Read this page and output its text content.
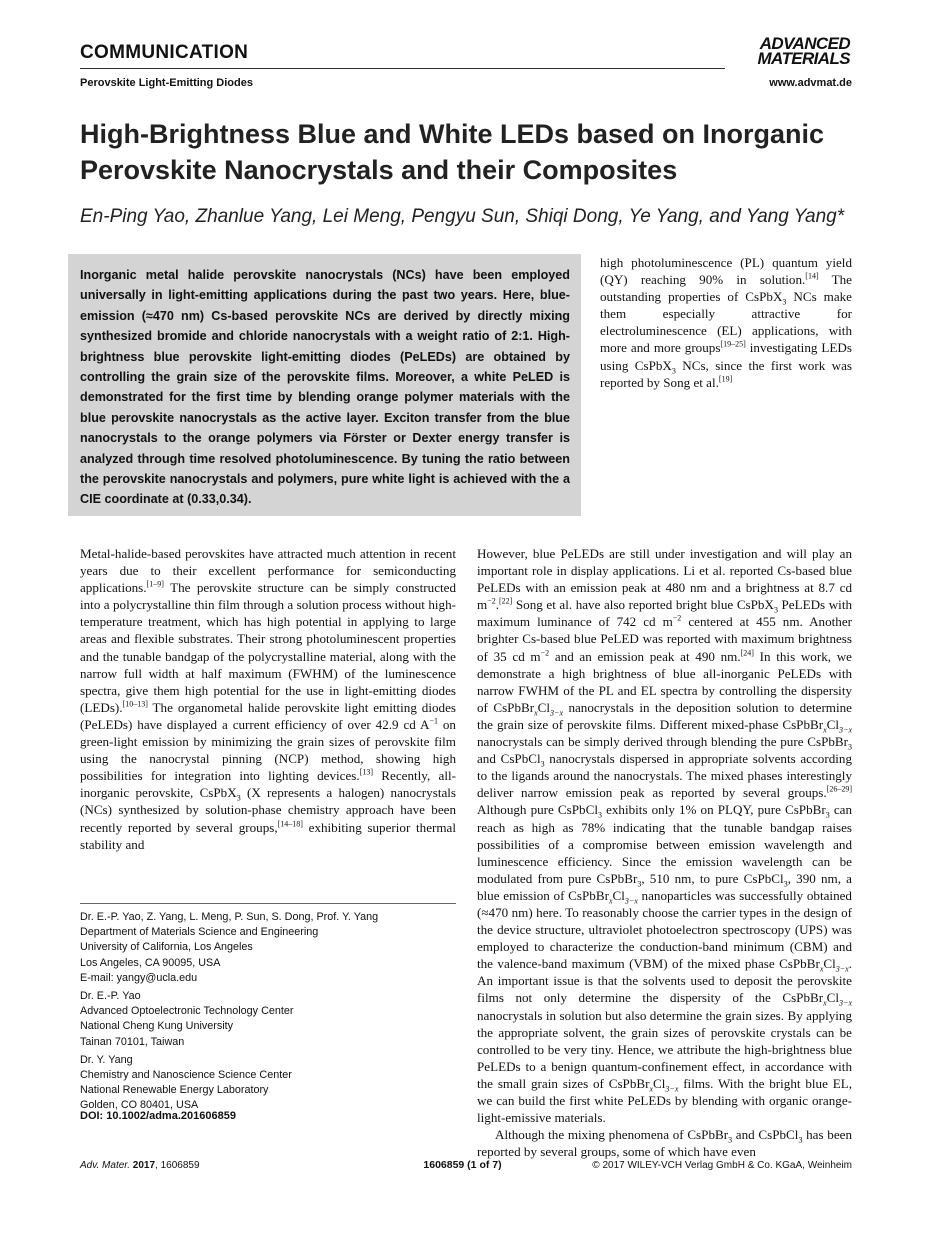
COMMUNICATION
Perovskite Light-Emitting Diodes
ADVANCED
MATERIALS
www.advmat.de
High-Brightness Blue and White LEDs based on Inorganic Perovskite Nanocrystals and their Composites
En-Ping Yao, Zhanlue Yang, Lei Meng, Pengyu Sun, Shiqi Dong, Ye Yang, and Yang Yang*
Inorganic metal halide perovskite nanocrystals (NCs) have been employed universally in light-emitting applications during the past two years. Here, blue-emission (≈470 nm) Cs-based perovskite NCs are derived by directly mixing synthesized bromide and chloride nanocrystals with a weight ratio of 2:1. High-brightness blue perovskite light-emitting diodes (PeLEDs) are obtained by controlling the grain size of the perovskite films. Moreover, a white PeLED is demonstrated for the first time by blending orange polymer materials with the blue perovskite nanocrystals as the active layer. Exciton transfer from the blue nanocrystals to the orange polymers via Förster or Dexter energy transfer is analyzed through time resolved photoluminescence. By tuning the ratio between the perovskite nanocrystals and polymers, pure white light is achieved with the a CIE coordinate at (0.33,0.34).

high photoluminescence (PL) quantum yield (QY) reaching 90% in solution.[14] The outstanding properties of CsPbX$_3$ NCs make them especially attractive for electroluminescence (EL) applications, with more and more groups[19–25] investigating LEDs using CsPbX$_3$ NCs, since the first work was reported by Song et al.[19]

However, blue PeLEDs are still under investigation and will play an important role in display applications. Li et al. reported Cs-based blue PeLEDs with an emission peak at 480 nm and a brightness at 8.7 cd $m^{-2}.[22]$ Song et al. have also reported bright blue CsPbX$_3$ PeLEDs with maximum luminance of 742 cd $m^{-2}$ centered at 455 nm. Another brighter Cs-based blue PeLED was reported with maximum brightness of 35 cd $m^{-2}$ and an emission peak at 490 nm.[24] In this work, we demonstrate a high brightness of blue all-inorganic PeLEDs with narrow FWHM of the PL and EL spectra by controlling the dispersity of $CsPbBr_xCl_{3-x}$ nanocrystals in the deposition solution to determine the grain size of perovskite films. Different mixed-phase $CsPbBr_xCl_{3-x}$ nanocrystals can be simply derived through blending the pure CsPbBr$_3$ and CsPbCl$_3$ nanocrystals dispersed in appropriate solvents according to the ligands around the nanocrystals. The mixed phases interestingly deliver narrow emission peak as reported by several groups.[26–29] Although pure CsPbCl$_3$ exhibits only 1% on PLQY, pure CsPbBr$_3$ can reach as high as 78% indicating that the tunable bandgap raises possibilities of a compromise between emission wavelength and luminescence efficiency. Since the emission wavelength can be modulated from pure CsPbBr$_3$, 510 nm, to pure CsPbCl$_3$, 390 nm, a blue emission of $CsPbBr_xCl_{3-x}$ nanoparticles was successfully obtained (≈470 nm) here. To reasonably choose the carrier types in the design of the device structure, ultraviolet photoelectron spectroscopy (UPS) was employed to characterize the conduction-band minimum (CBM) and the valence-band maximum (VBM) of the mixed phase $CsPbBr_xCl_{3-x}$. An important issue is that the solvents used to deposit the perovskite films not only determine the dispersity of the $CsPbBr_xCl_{3-x}$ nanocrystals in solution but also determine the grain sizes. By applying the appropriate solvent, the grain sizes of perovskite crystals can be controlled to be very tiny. Hence, we attribute the high-brightness blue PeLEDs to a benign quantum-confinement effect, in accordance with the small grain sizes of $CsPbBr_xCl_{3-x}$ films. With the bright blue EL, we can build the first white PeLEDs by blending with organic orange-light-emissive materials.

Although the mixing phenomena of CsPbBr$_3$ and CsPbCl$_3$ has been reported by several groups, some of which have even

Metal-halide-based perovskites have attracted much attention in recent years due to their excellent performance for semiconducting applications.[1–9] The perovskite structure can be simply constructed into a polycrystalline thin film through a solution process without high-temperature treatment, which has high potential in applying to large areas and flexible substrates. Their strong photoluminescent properties and the tunable bandgap of the polycrystalline material, along with the narrow full width at half maximum (FWHM) of the luminescence spectra, give them high potential for the use in light-emitting diodes (LEDs).[10–13] The organometal halide perovskite light emitting diodes (PeLEDs) have displayed a current efficiency of over 42.9 cd $A^{-1}$ on green-light emission by minimizing the grain sizes of perovskite film using the nanocrystal pinning (NCP) method, showing high possibilities for integration into lighting devices.[13] Recently, all-inorganic perovskite, CsPbX$_3$ (X represents a halogen) nanocrystals (NCs) synthesized by solution-phase chemistry approach have been recently reported by several groups,[14–18] exhibiting superior thermal stability and

Dr. E.-P. Yao, Z. Yang, L. Meng, P. Sun, S. Dong, Prof. Y. Yang
Department of Materials Science and Engineering
University of California, Los Angeles
Los Angeles, CA 90095, USA
E-mail: yangy@ucla.edu
Dr. E.-P. Yao
Advanced Optoelectronic Technology Center
National Cheng Kung University
Tainan 70101, Taiwan
Dr. Y. Yang
Chemistry and Nanoscience Science Center
National Renewable Energy Laboratory
Golden, CO 80401, USA
DOI: 10.1002/adma.201606859
Adv. Mater. 2017, 1606859	1606859 (1 of 7)	© 2017 WILEY-VCH Verlag GmbH & Co. KGaA, Weinheim
